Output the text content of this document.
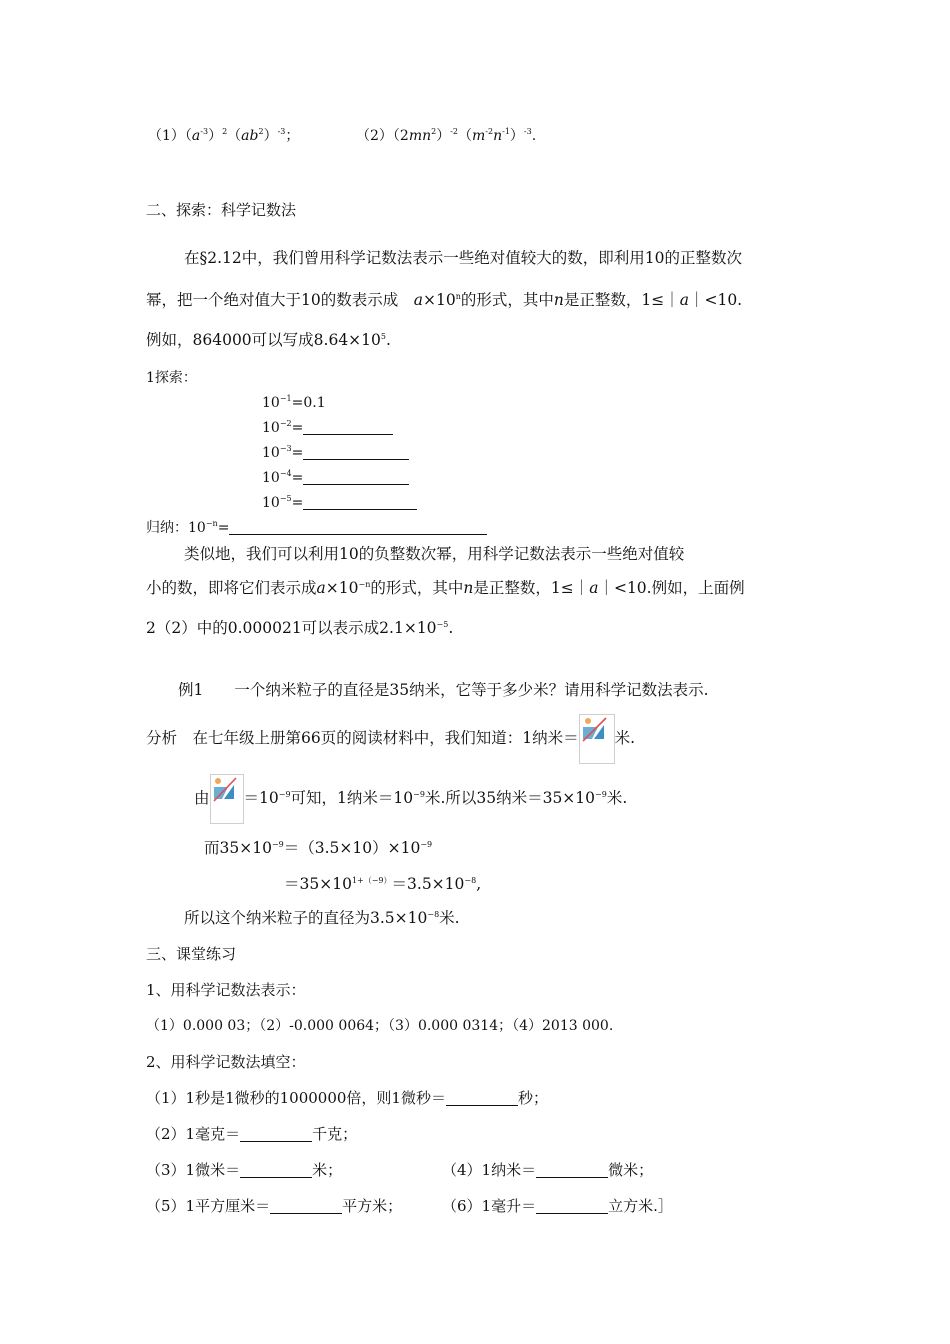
$(1)(a^{-3})^2(ab^2)^{-3}$；	$(2)(2mn^2)^{-2}(m^{-2}n^{-1})^{-3}$.
二、探索：科学记数法
在§2.12中，我们曾用科学记数法表示一些绝对值较大的数，即利用10的正整数次
幂，把一个绝对值大于10的数表示成　$a\times 10^n$的形式，其中n是正整数，1≤｜a｜<10.
例如，864000可以写成$8.64\times 10^5$.
1探索：
$10^{-1}=0.1$
$10^{-2}=$
$10^{-3}=$
$10^{-4}=$
$10^{-5}=$
归纳：$10^{-n}=$
类似地，我们可以利用10的负整数次幂，用科学记数法表示一些绝对值较
小的数，即将它们表示成$a\times 10^{-n}$的形式，其中n是正整数，1≤｜a｜<10.例如，上面例
2（2）中的0.000021可以表示成$2.1\times 10^{-5}$.
例1　　一个纳米粒子的直径是35纳米，它等于多少米？请用科学记数法表示.
分析　在七年级上册第66页的阅读材料中，我们知道：1纳米＝ 米.
由 $=10^{-9}$可知，1纳米$=10^{-9}$米.所以35纳米$=35\times 10^{-9}$米.
而$35\times 10^{-9}=(3.5\times 10)\times 10^{-9}$
$=35\times 10^{1+(-9)}=3.5\times 10^{-8}$,
所以这个纳米粒子的直径为$3.5\times 10^{-8}$米.
三、课堂练习
1、用科学记数法表示：
（1）0.000 03；（2）-0.000 0064；（3）0.000 0314；（4）2013 000.
2、用科学记数法填空：
（1）1秒是1微秒的1000000倍，则1微秒＝	秒；
（2）1毫克＝	千克；
（3）1微米＝	米；	（4）1纳米＝	微米；
（5）1平方厘米＝	平方米；	（6）1毫升＝	立方米.］
